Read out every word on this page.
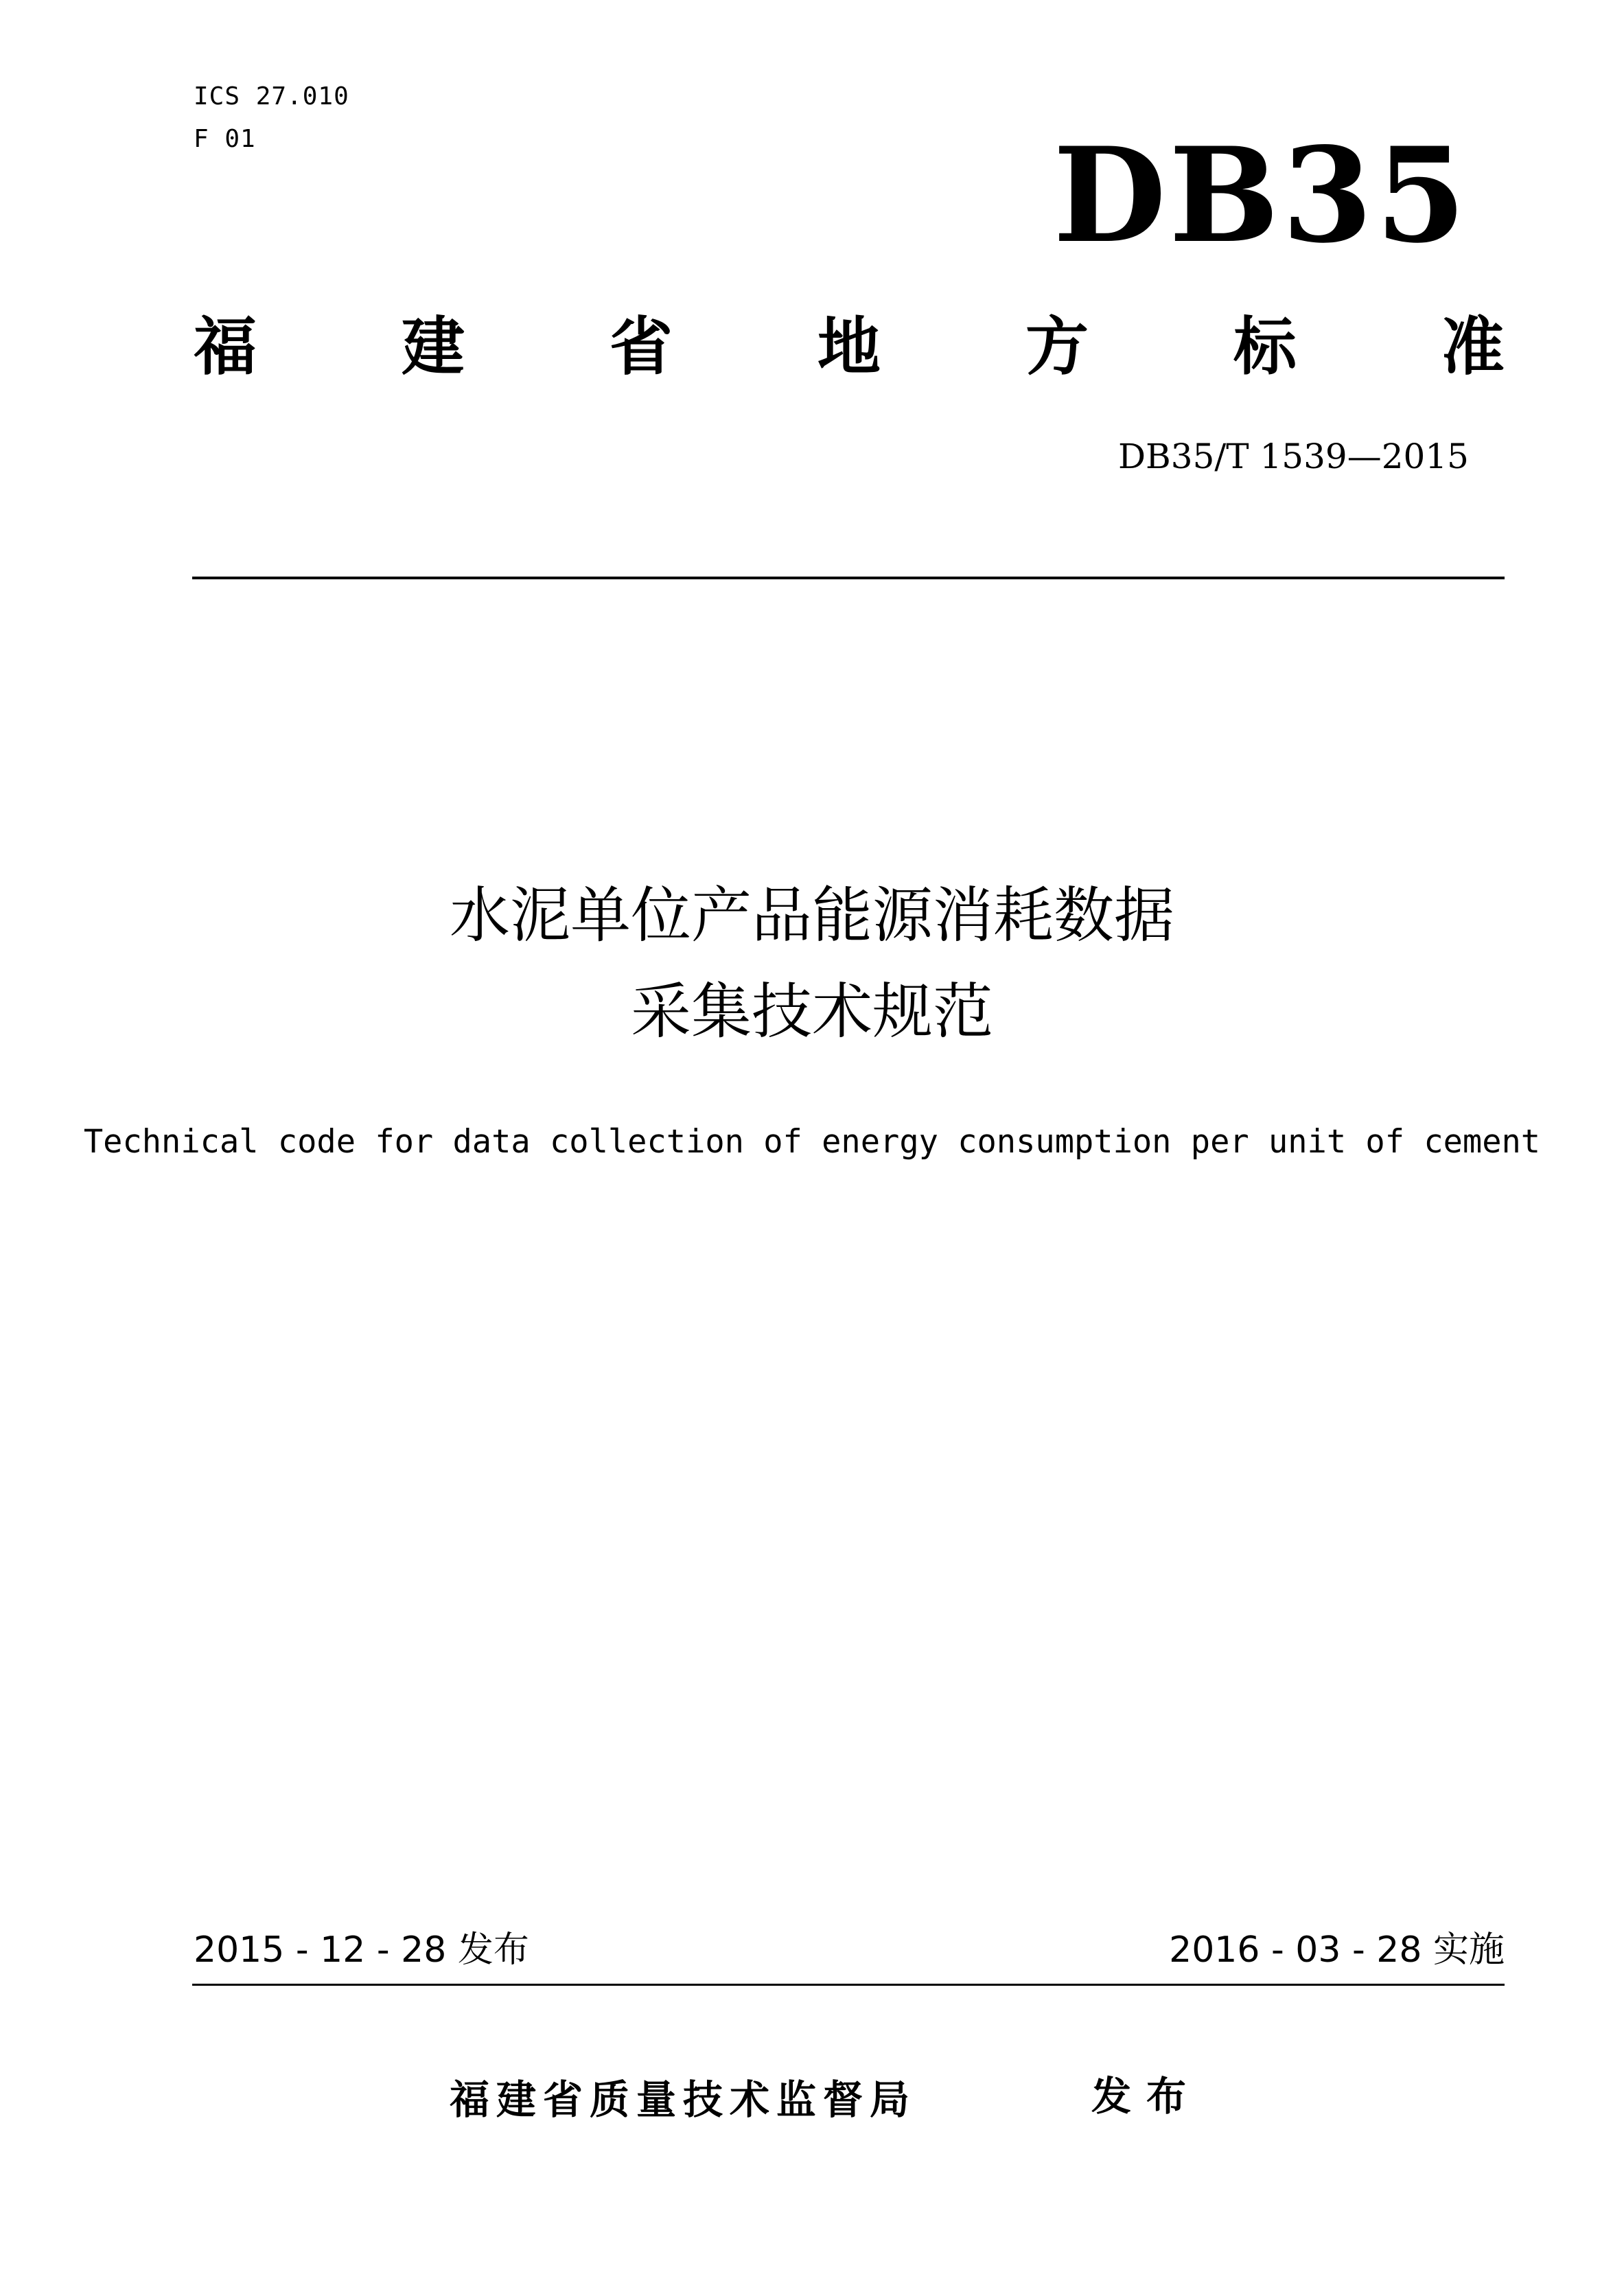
ICS 27.010
F 01	DB35
福 建 省 地 方 标 准
DB35/T 1539—2015
水泥单位产品能源消耗数据
采集技术规范
Technical code for data collection of energy consumption per unit of cement
2015 - 12 - 28 发布	2016 - 03 - 28 实施
福建省质量技术监督局	发布
